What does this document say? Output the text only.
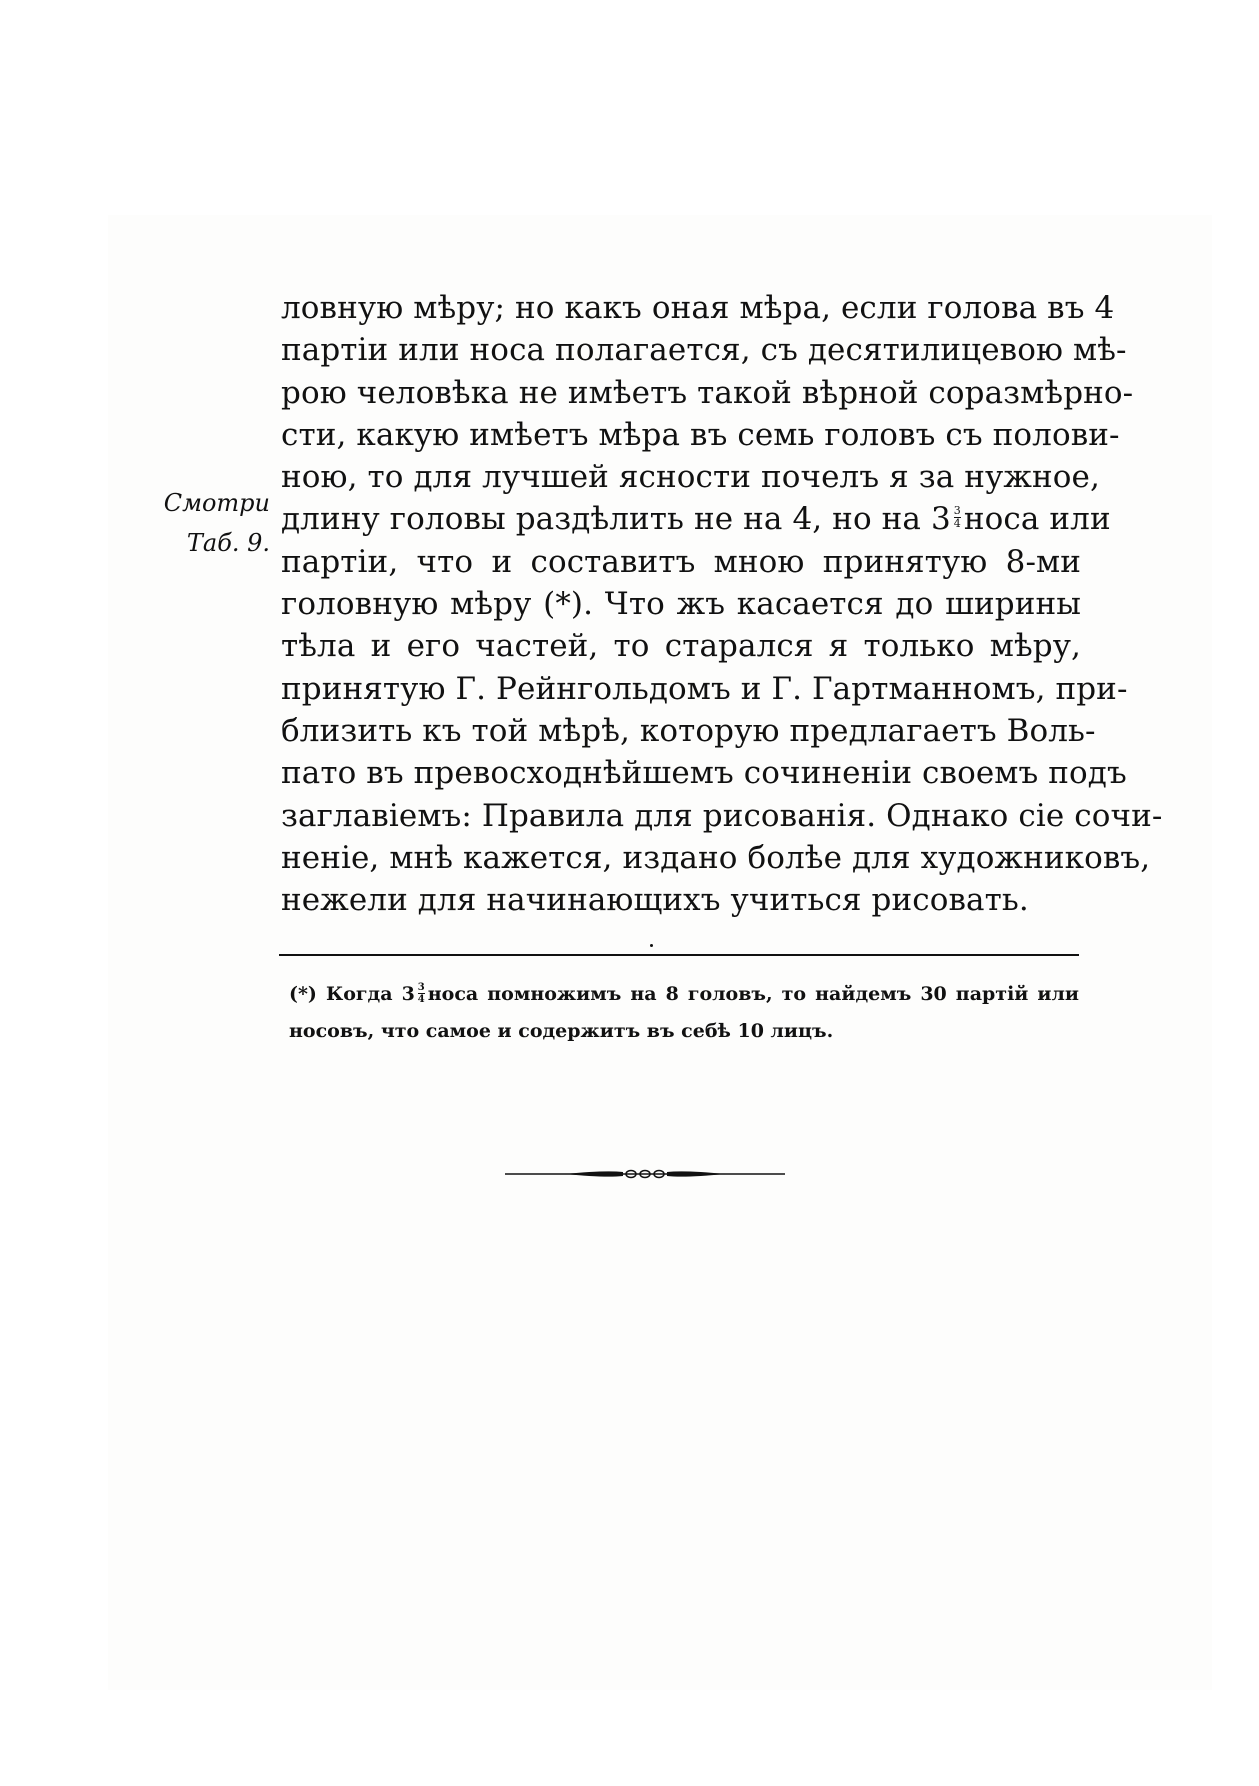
Смотри
Таб. 9.
ловную мѣру; но какъ оная мѣра, если голова въ 4
партіи или носа полагается, съ десятилицевою мѣ-
рою человѣка не имѣетъ такой вѣрной соразмѣрно-
сти, какую имѣетъ мѣра въ семь головъ съ полови-
ною, то для лучшей ясности почелъ я за нужное,
длину головы раздѣлить не на 4, но на $3 \frac{3}{4}$ носа или
партіи, что и составитъ мною принятую 8-ми
головную мѣру (*). Что жъ касается до ширины
тѣла и его частей, то старался я только мѣру,
принятую Г. Рейнгольдомъ и Г. Гартманномъ, при-
близить къ той мѣрѣ, которую предлагаетъ Воль-
пато въ превосходнѣйшемъ сочиненіи своемъ подъ
заглавіемъ: Правила для рисованія. Однако сіе сочи-
неніе, мнѣ кажется, издано болѣе для художниковъ,
нежели для начинающихъ учиться рисовать.
(*) Когда $3 \frac{3}{4}$ носа помножимъ на 8 головъ, то найдемъ 30 партій или
носовъ, что самое и содержитъ въ себѣ 10 лицъ.
